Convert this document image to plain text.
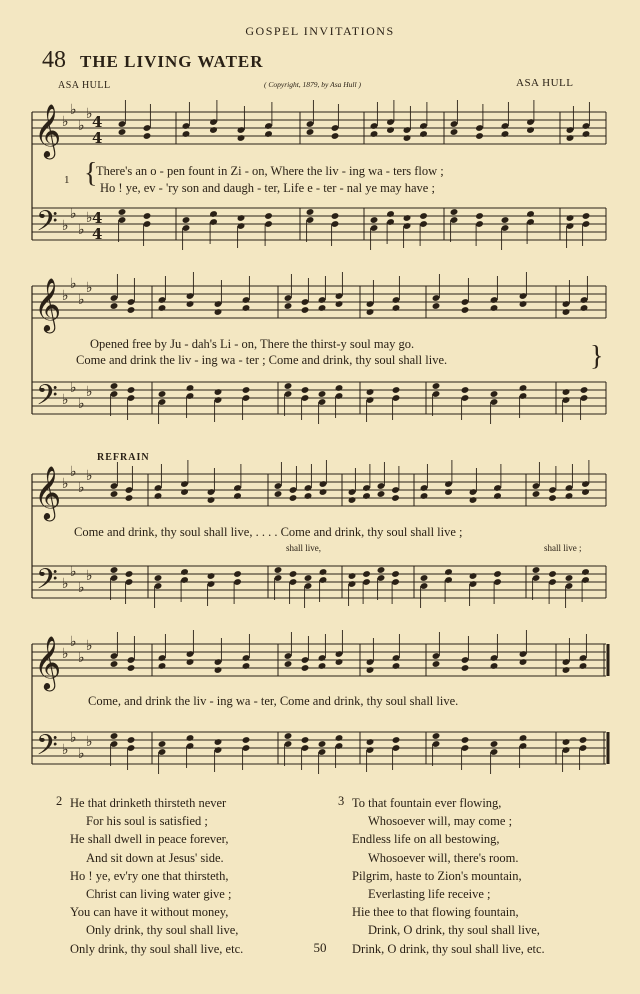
GOSPEL INVITATIONS
48 THE LIVING WATER
ASA HULL	( Copyright, 1879, by Asa Hull )	ASA HULL
𝄞
𝄢
♭
♭
♭
♭
♭
♭
♭
♭
4
4
4
4
𝄞
𝄢
♭
♭
♭
♭
♭
♭
♭
♭
𝄞
𝄢
♭
♭
♭
♭
♭
♭
♭
♭
𝄞
𝄢
♭
♭
♭
♭
♭
♭
♭
♭
1 {
There's an o - pen fount in Zi - on, Where the liv - ing wa - ters flow ;
Ho ! ye, ev - 'ry son and daugh - ter, Life e - ter - nal ye may have ;
Opened free by Ju - dah's Li - on, There the thirst-y soul may go.
Come and drink the liv - ing wa - ter ; Come and drink, thy soul shall live.	}
REFRAIN
Come and drink, thy soul shall live, . . . . Come and drink, thy soul shall live ;
shall live,	shall live ;
Come, and drink the liv - ing wa - ter, Come and drink, thy soul shall live.
2 He that drinketh thirsteth never
For his soul is satisfied ;
He shall dwell in peace forever,
And sit down at Jesus' side.
Ho ! ye, ev'ry one that thirsteth,
Christ can living water give ;
You can have it without money,
Only drink, thy soul shall live,
Only drink, thy soul shall live, etc.
3 To that fountain ever flowing,
Whosoever will, may come ;
Endless life on all bestowing,
Whosoever will, there's room.
Pilgrim, haste to Zion's mountain,
Everlasting life receive ;
Hie thee to that flowing fountain,
Drink, O drink, thy soul shall live,
Drink, O drink, thy soul shall live, etc.
50
